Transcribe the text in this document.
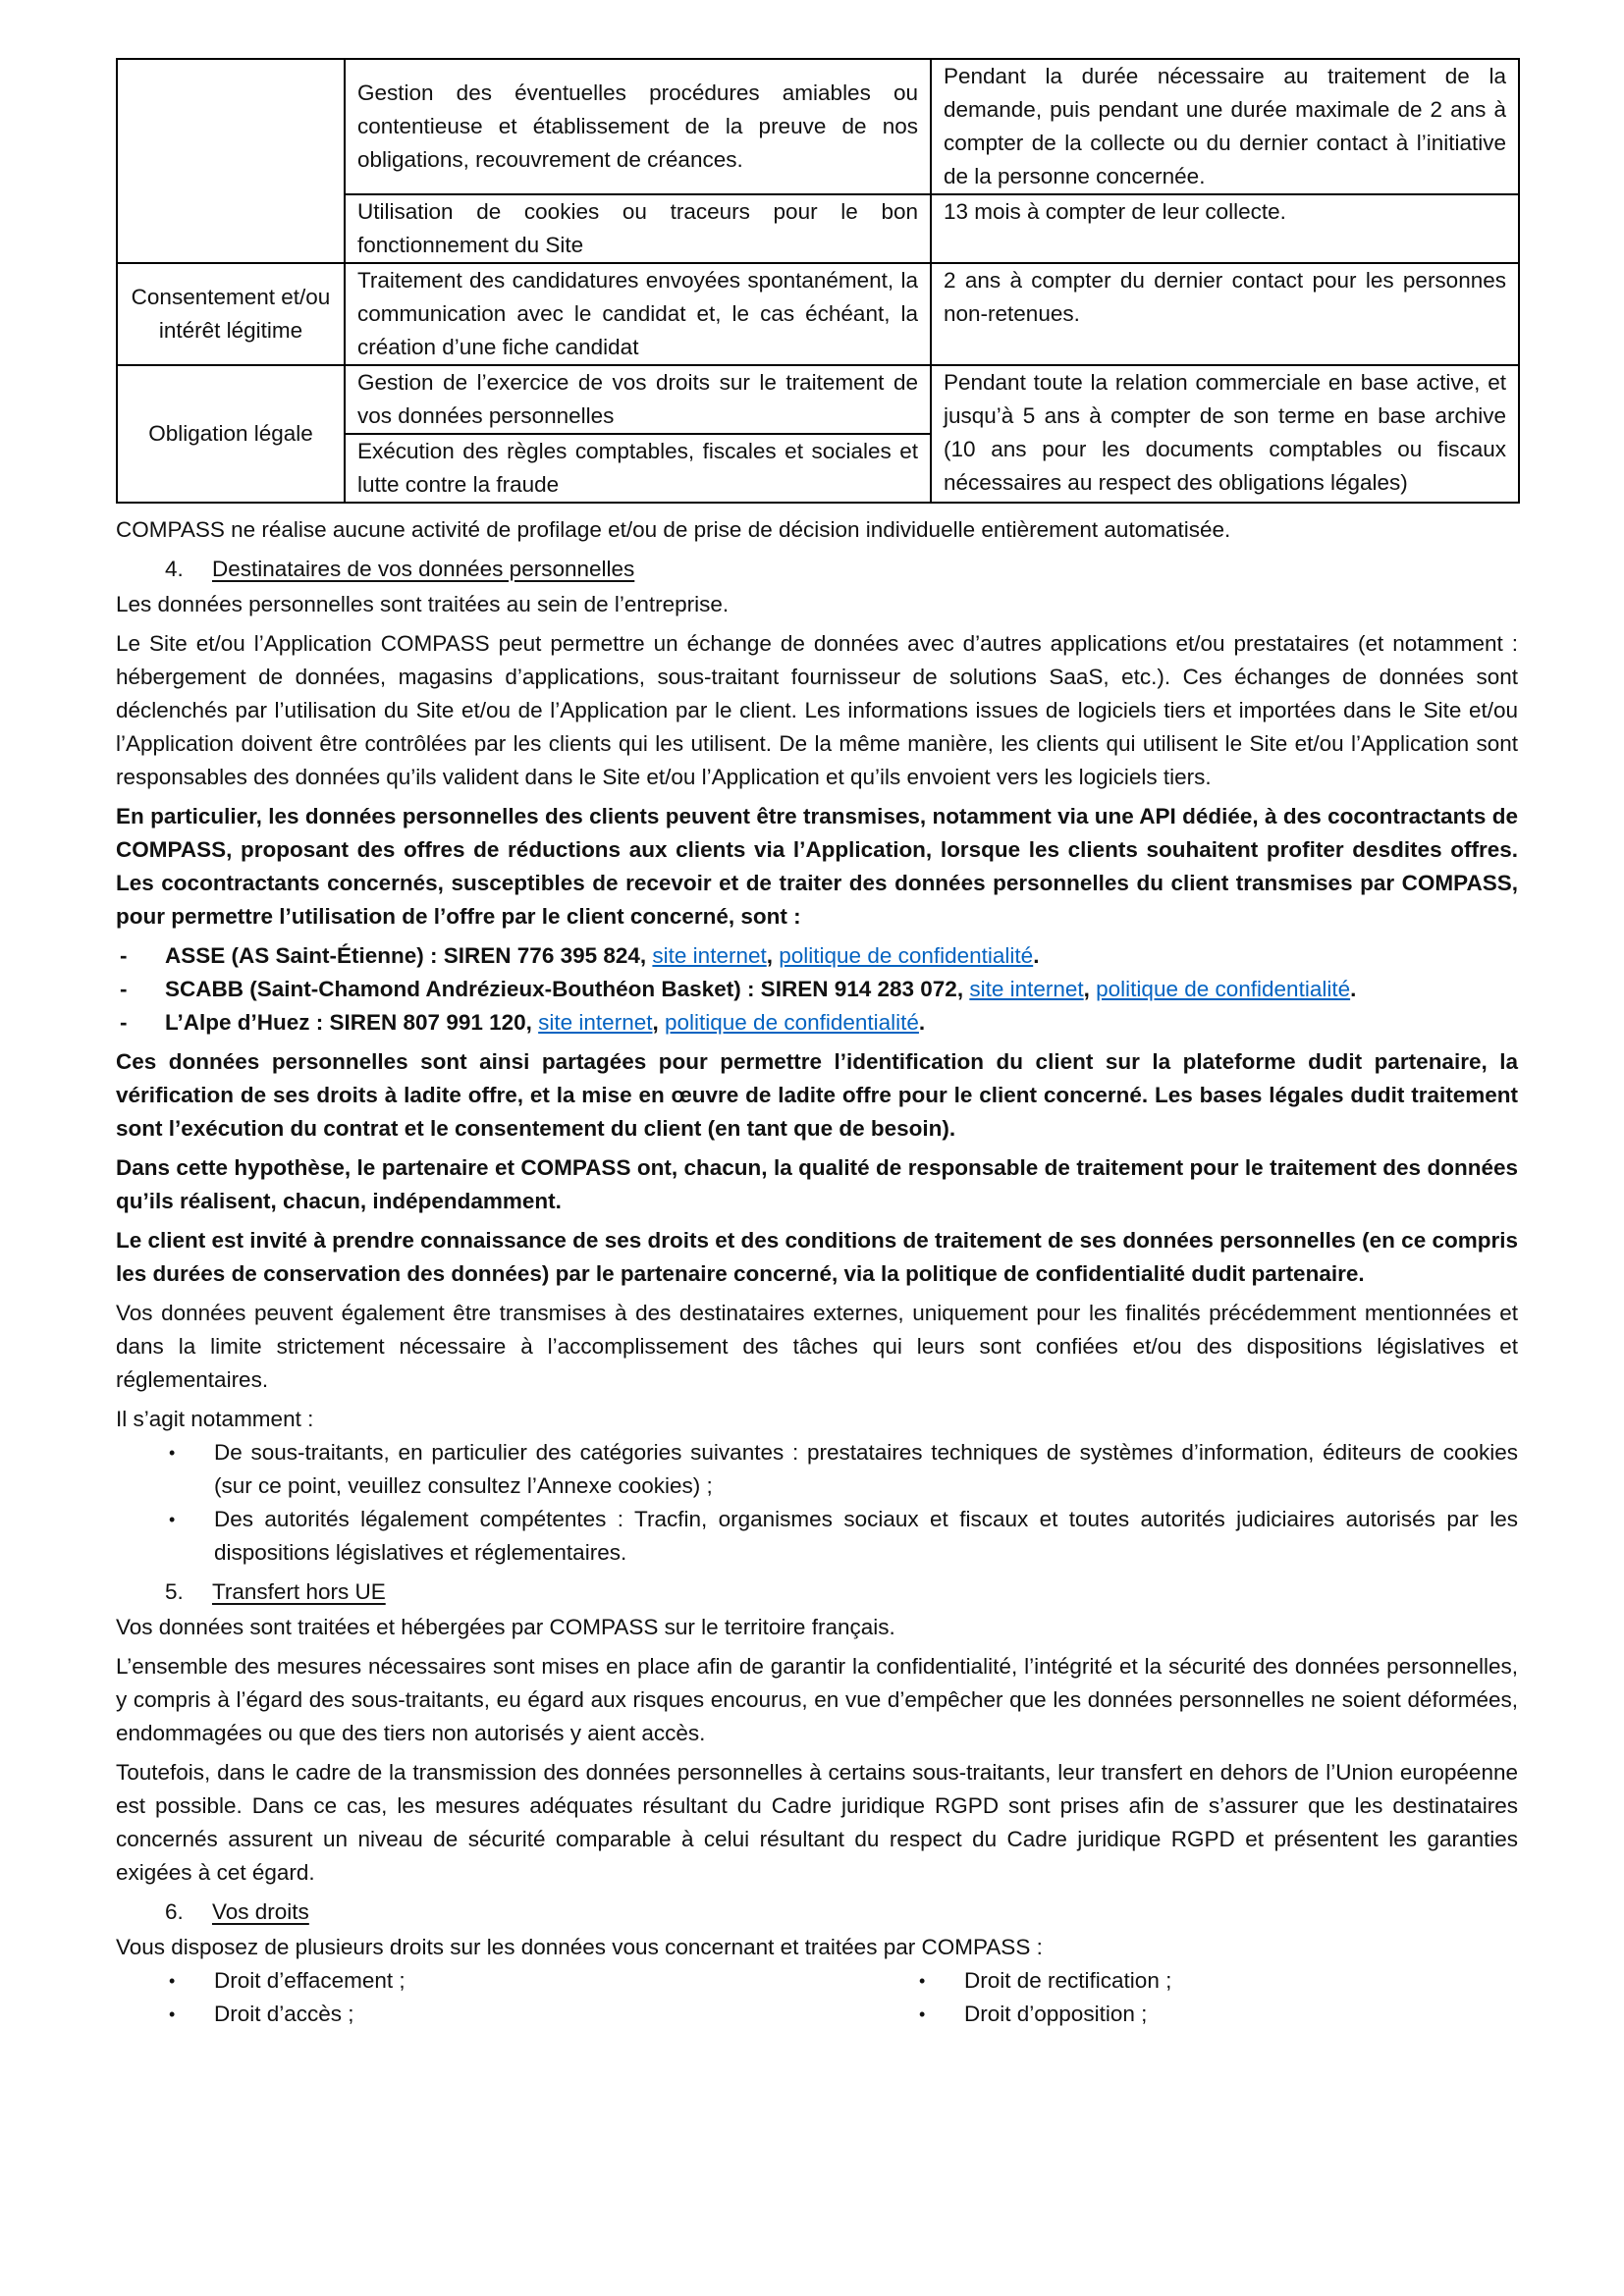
	Gestion des éventuelles procédures amiables ou contentieuse et établissement de la preuve de nos obligations, recouvrement de créances.	Pendant la durée nécessaire au traitement de la demande, puis pendant une durée maximale de 2 ans à compter de la collecte ou du dernier contact à l’initiative de la personne concernée.
	Utilisation de cookies ou traceurs pour le bon fonctionnement du Site	13 mois à compter de leur collecte.
Consentement et/ou intérêt légitime	Traitement des candidatures envoyées spontanément, la communication avec le candidat et, le cas échéant, la création d’une fiche candidat	2 ans à compter du dernier contact pour les personnes non-retenues.
Obligation légale	Gestion de l’exercice de vos droits sur le traitement de vos données personnelles	Pendant toute la relation commerciale en base active, et jusqu’à 5 ans à compter de son terme en base archive (10 ans pour les documents comptables ou fiscaux nécessaires au respect des obligations légales)
	Exécution des règles comptables, fiscales et sociales et lutte contre la fraude	

COMPASS ne réalise aucune activité de profilage et/ou de prise de décision individuelle entièrement automatisée.

4. Destinataires de vos données personnelles

Les données personnelles sont traitées au sein de l’entreprise.

Le Site et/ou l’Application COMPASS peut permettre un échange de données avec d’autres applications et/ou prestataires (et notamment : hébergement de données, magasins d’applications, sous-traitant fournisseur de solutions SaaS, etc.). Ces échanges de données sont déclenchés par l’utilisation du Site et/ou de l’Application par le client. Les informations issues de logiciels tiers et importées dans le Site et/ou l’Application doivent être contrôlées par les clients qui les utilisent. De la même manière, les clients qui utilisent le Site et/ou l’Application sont responsables des données qu’ils valident dans le Site et/ou l’Application et qu’ils envoient vers les logiciels tiers.

En particulier, les données personnelles des clients peuvent être transmises, notamment via une API dédiée, à des cocontractants de COMPASS, proposant des offres de réductions aux clients via l’Application, lorsque les clients souhaitent profiter desdites offres. Les cocontractants concernés, susceptibles de recevoir et de traiter des données personnelles du client transmises par COMPASS, pour permettre l’utilisation de l’offre par le client concerné, sont :

- ASSE (AS Saint-Étienne) : SIREN 776 395 824, site internet, politique de confidentialité.
- SCABB (Saint-Chamond Andrézieux-Bouthéon Basket) : SIREN 914 283 072, site internet, politique de confidentialité.
- L’Alpe d’Huez : SIREN 807 991 120, site internet, politique de confidentialité.

Ces données personnelles sont ainsi partagées pour permettre l’identification du client sur la plateforme dudit partenaire, la vérification de ses droits à ladite offre, et la mise en œuvre de ladite offre pour le client concerné. Les bases légales dudit traitement sont l’exécution du contrat et le consentement du client (en tant que de besoin).

Dans cette hypothèse, le partenaire et COMPASS ont, chacun, la qualité de responsable de traitement pour le traitement des données qu’ils réalisent, chacun, indépendamment.

Le client est invité à prendre connaissance de ses droits et des conditions de traitement de ses données personnelles (en ce compris les durées de conservation des données) par le partenaire concerné, via la politique de confidentialité dudit partenaire.

Vos données peuvent également être transmises à des destinataires externes, uniquement pour les finalités précédemment mentionnées et dans la limite strictement nécessaire à l’accomplissement des tâches qui leurs sont confiées et/ou des dispositions législatives et réglementaires.

Il s’agit notamment :

• De sous-traitants, en particulier des catégories suivantes : prestataires techniques de systèmes d’information, éditeurs de cookies (sur ce point, veuillez consultez l’Annexe cookies) ;
• Des autorités légalement compétentes : Tracfin, organismes sociaux et fiscaux et toutes autorités judiciaires autorisés par les dispositions législatives et réglementaires.
5. Transfert hors UE

Vos données sont traitées et hébergées par COMPASS sur le territoire français.

L’ensemble des mesures nécessaires sont mises en place afin de garantir la confidentialité, l’intégrité et la sécurité des données personnelles, y compris à l’égard des sous-traitants, eu égard aux risques encourus, en vue d’empêcher que les données personnelles ne soient déformées, endommagées ou que des tiers non autorisés y aient accès.

Toutefois, dans le cadre de la transmission des données personnelles à certains sous-traitants, leur transfert en dehors de l’Union européenne est possible. Dans ce cas, les mesures adéquates résultant du Cadre juridique RGPD sont prises afin de s’assurer que les destinataires concernés assurent un niveau de sécurité comparable à celui résultant du respect du Cadre juridique RGPD et présentent les garanties exigées à cet égard.

6. Vos droits

Vous disposez de plusieurs droits sur les données vous concernant et traitées par COMPASS :

• Droit d’effacement ;	• Droit de rectification ;
• Droit d’accès ;	• Droit d’opposition ;
